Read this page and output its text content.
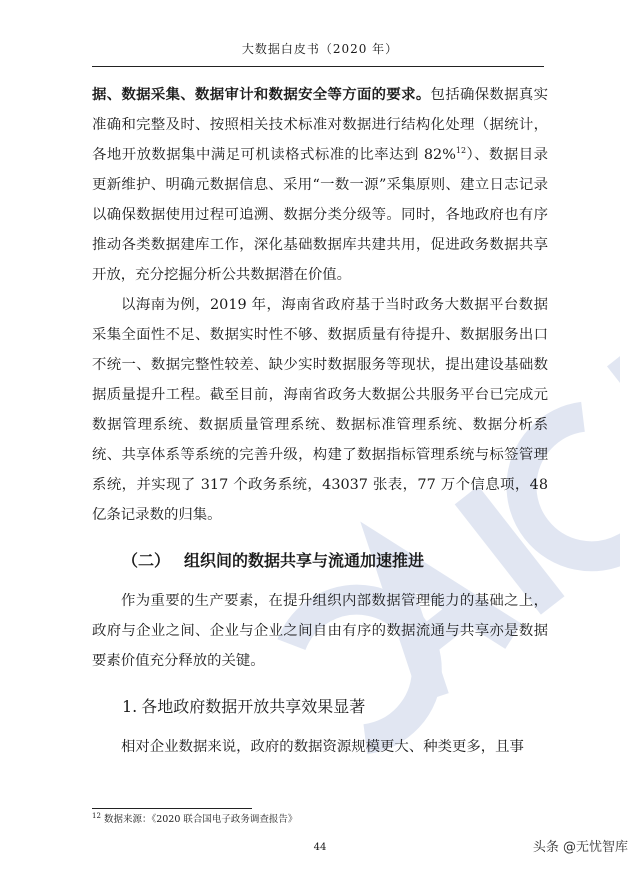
大数据白皮书（2020 年）

据、数据采集、数据审计和数据安全等方面的要求。包括确保数据真实准确和完整及时、按照相关技术标准对数据进行结构化处理（据统计，各地开放数据集中满足可机读格式标准的比率达到 82%$^{12}$）、数据目录更新维护、明确元数据信息、采用“一数一源”采集原则、建立日志记录以确保数据使用过程可追溯、数据分类分级等。同时，各地政府也有序推动各类数据建库工作，深化基础数据库共建共用，促进政务数据共享开放，充分挖掘分析公共数据潜在价值。

以海南为例，2019 年，海南省政府基于当时政务大数据平台数据采集全面性不足、数据实时性不够、数据质量有待提升、数据服务出口不统一、数据完整性较差、缺少实时数据服务等现状，提出建设基础数据质量提升工程。截至目前，海南省政务大数据公共服务平台已完成元数据管理系统、数据质量管理系统、数据标准管理系统、数据分析系统、共享体系等系统的完善升级，构建了数据指标管理系统与标签管理系统，并实现了 317 个政务系统，43037 张表，77 万个信息项，48 亿条记录数的归集。

（二） 组织间的数据共享与流通加速推进

作为重要的生产要素，在提升组织内部数据管理能力的基础之上，政府与企业之间、企业与企业之间自由有序的数据流通与共享亦是数据要素价值充分释放的关键。

1. 各地政府数据开放共享效果显著

相对企业数据来说，政府的数据资源规模更大、种类更多，且事

$^{12}$ 数据来源：《2020 联合国电子政务调查报告》
44	头条 @无忧智库
